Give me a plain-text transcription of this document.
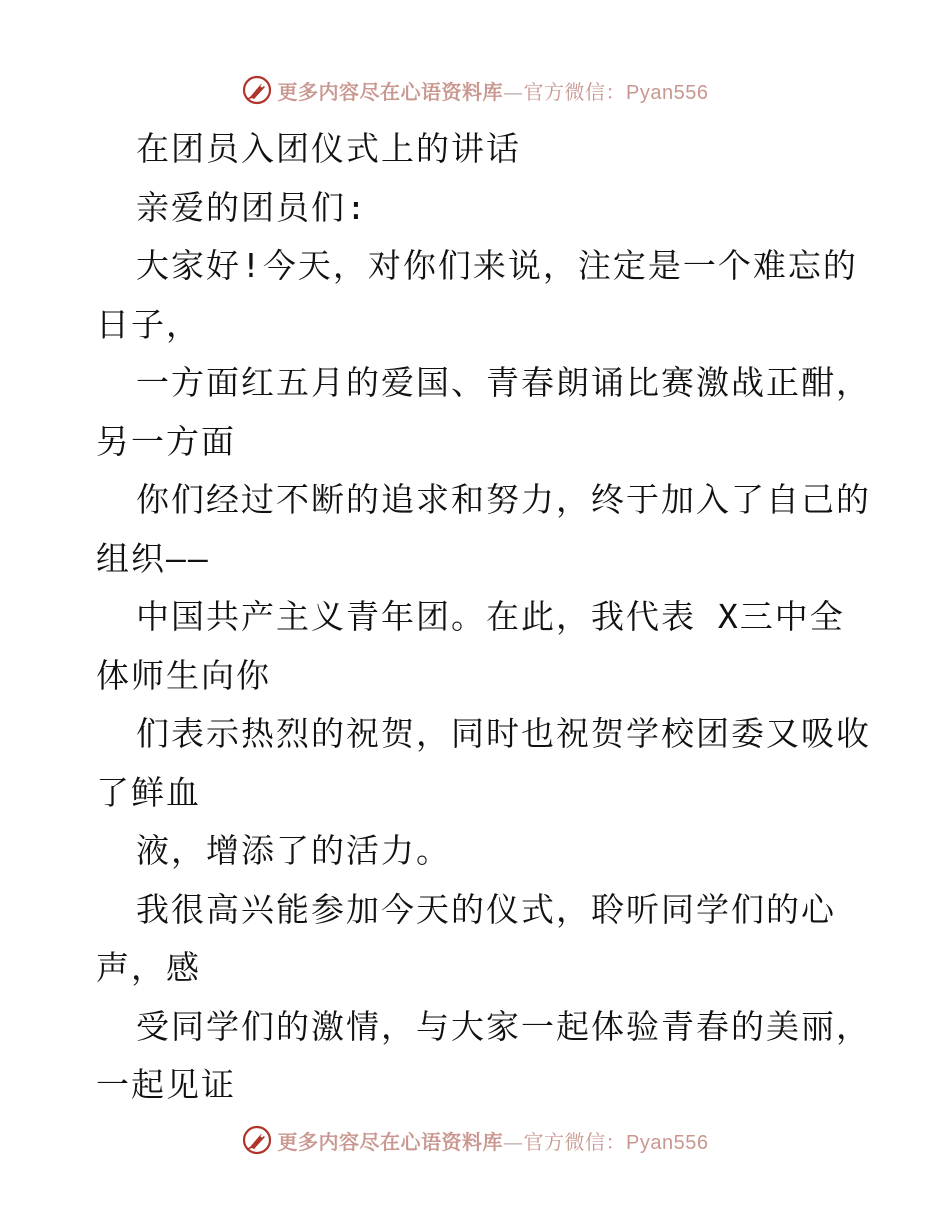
更多内容尽在心语资料库—官方微信：Pyan556
在团员入团仪式上的讲话
亲爱的团员们:
大家好!今天，对你们来说，注定是一个难忘的
日子，
一方面红五月的爱国、青春朗诵比赛激战正酣，
另一方面
你们经过不断的追求和努力，终于加入了自己的
组织——
中国共产主义青年团。在此，我代表 X三中全
体师生向你
们表示热烈的祝贺，同时也祝贺学校团委又吸收
了鲜血
液，增添了的活力。
我很高兴能参加今天的仪式，聆听同学们的心
声，感
受同学们的激情，与大家一起体验青春的美丽，
一起见证
更多内容尽在心语资料库—官方微信：Pyan556
